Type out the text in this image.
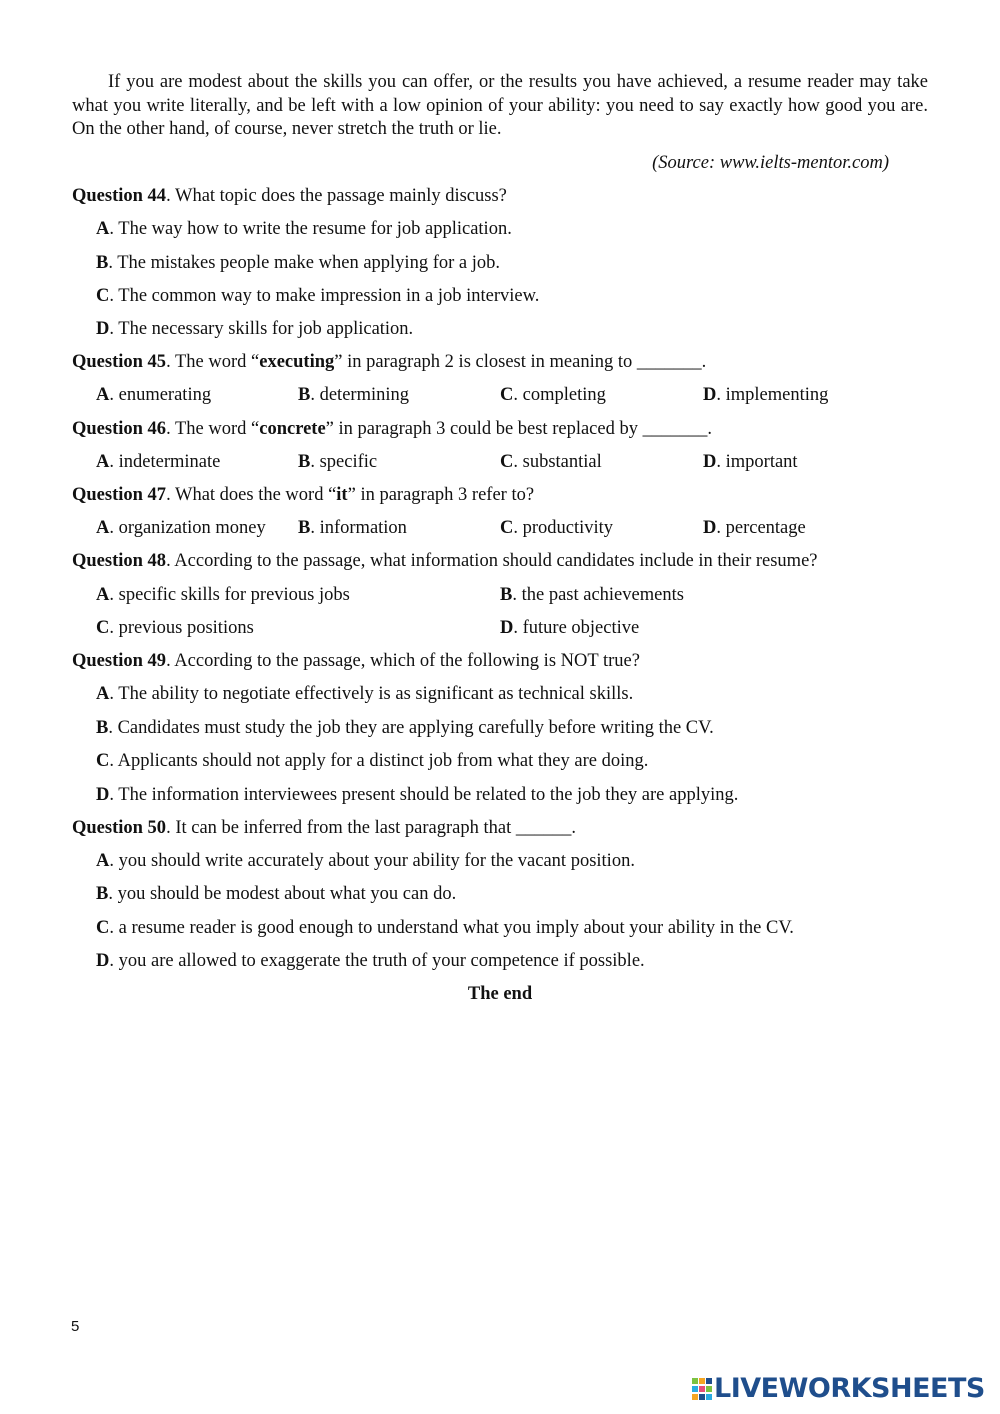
If you are modest about the skills you can offer, or the results you have achieved, a resume reader may take what you write literally, and be left with a low opinion of your ability: you need to say exactly how good you are. On the other hand, of course, never stretch the truth or lie.
(Source: www.ielts-mentor.com)
Question 44. What topic does the passage mainly discuss?
A. The way how to write the resume for job application.
B. The mistakes people make when applying for a job.
C. The common way to make impression in a job interview.
D. The necessary skills for job application.
Question 45. The word “executing” in paragraph 2 is closest in meaning to _______.
A. enumerating	B. determining	C. completing	D. implementing
Question 46. The word “concrete” in paragraph 3 could be best replaced by _______.
A. indeterminate	B. specific	C. substantial	D. important
Question 47. What does the word “it” in paragraph 3 refer to?
A. organization money B. information	C. productivity	D. percentage
Question 48. According to the passage, what information should candidates include in their resume?
A. specific skills for previous jobs	B. the past achievements
C. previous positions	D. future objective
Question 49. According to the passage, which of the following is NOT true?
A. The ability to negotiate effectively is as significant as technical skills.
B. Candidates must study the job they are applying carefully before writing the CV.
C. Applicants should not apply for a distinct job from what they are doing.
D. The information interviewees present should be related to the job they are applying.
Question 50. It can be inferred from the last paragraph that ______.
A. you should write accurately about your ability for the vacant position.
B. you should be modest about what you can do.
C. a resume reader is good enough to understand what you imply about your ability in the CV.
D. you are allowed to exaggerate the truth of your competence if possible.
The end
5
LIVEWORKSHEETS
